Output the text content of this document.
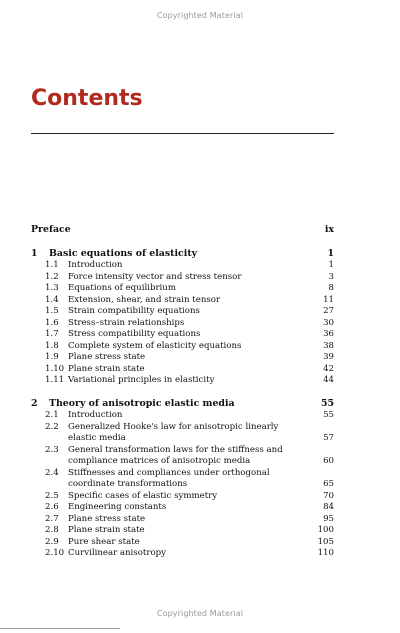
Copyrighted Material
Contents
Preface	ix
1 Basic equations of elasticity	1
1.1 Introduction	1
1.2 Force intensity vector and stress tensor	3
1.3 Equations of equilibrium	8
1.4 Extension, shear, and strain tensor	11
1.5 Strain compatibility equations	27
1.6 Stress–strain relationships	30
1.7 Stress compatibility equations	36
1.8 Complete system of elasticity equations	38
1.9 Plane stress state	39
1.10 Plane strain state	42
1.11 Variational principles in elasticity	44
2 Theory of anisotropic elastic media	55
2.1 Introduction	55
2.2 Generalized Hooke's law for anisotropic linearly elastic media	57
2.3 General transformation laws for the stiffness and compliance matrices of anisotropic media	60
2.4 Stiffnesses and compliances under orthogonal coordinate transformations	65
2.5 Specific cases of elastic symmetry	70
2.6 Engineering constants	84
2.7 Plane stress state	95
2.8 Plane strain state	100
2.9 Pure shear state	105
2.10 Curvilinear anisotropy	110
Copyrighted Material
